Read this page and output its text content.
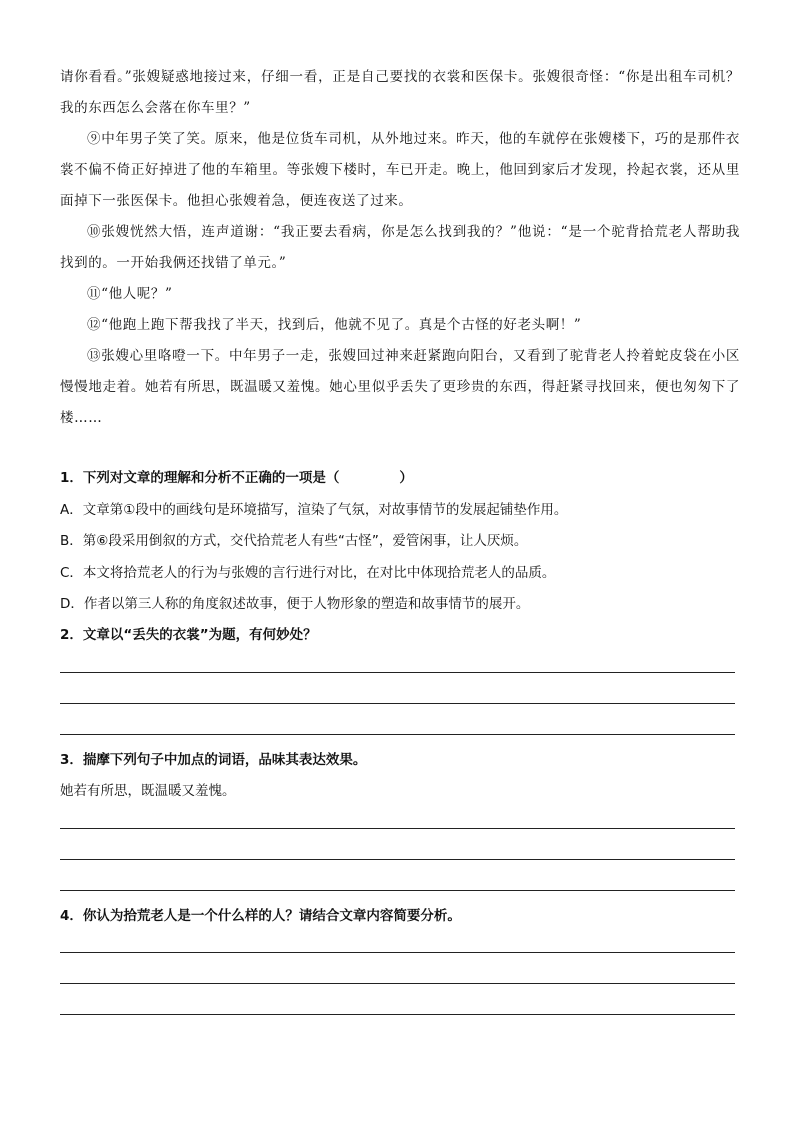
请你看看。”张嫂疑惑地接过来，仔细一看，正是自己要找的衣裳和医保卡。张嫂很奇怪：“你是出租车司机？我的东西怎么会落在你车里？”

⑨中年男子笑了笑。原来，他是位货车司机，从外地过来。昨天，他的车就停在张嫂楼下，巧的是那件衣裳不偏不倚正好掉进了他的车箱里。等张嫂下楼时，车已开走。晚上，他回到家后才发现，拎起衣裳，还从里面掉下一张医保卡。他担心张嫂着急，便连夜送了过来。

⑩张嫂恍然大悟，连声道谢：“我正要去看病，你是怎么找到我的？”他说：“是一个驼背拾荒老人帮助我找到的。一开始我俩还找错了单元。”

⑪“他人呢？”

⑫“他跑上跑下帮我找了半天，找到后，他就不见了。真是个古怪的好老头啊！”

⑬张嫂心里咯噔一下。中年男子一走，张嫂回过神来赶紧跑向阳台，又看到了驼背老人拎着蛇皮袋在小区慢慢地走着。她若有所思，既温暖又羞愧。她心里似乎丢失了更珍贵的东西，得赶紧寻找回来，便也匆匆下了楼……

1．下列对文章的理解和分析不正确的一项是（	）

A．文章第①段中的画线句是环境描写，渲染了气氛，对故事情节的发展起铺垫作用。

B．第⑥段采用倒叙的方式，交代拾荒老人有些“古怪”，爱管闲事，让人厌烦。

C．本文将拾荒老人的行为与张嫂的言行进行对比，在对比中体现拾荒老人的品质。

D．作者以第三人称的角度叙述故事，便于人物形象的塑造和故事情节的展开。

2．文章以“丢失的衣裳”为题，有何妙处？

3．揣摩下列句子中加点的词语，品味其表达效果。

她若有所思，既温暖又羞愧。

4．你认为拾荒老人是一个什么样的人？请结合文章内容简要分析。
